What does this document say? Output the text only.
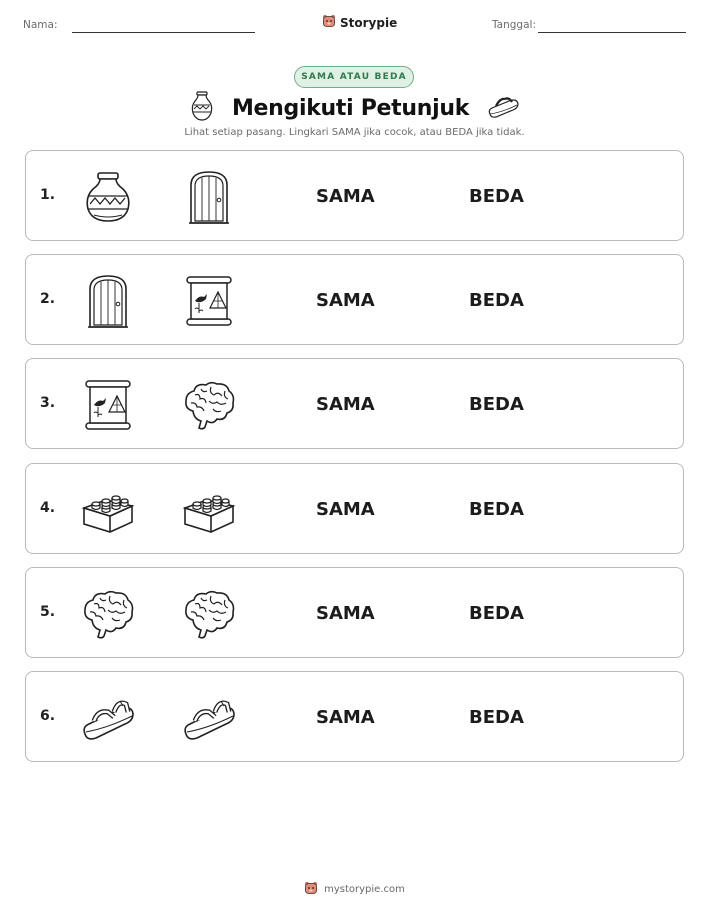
Nama:	Storypie	Tanggal:
SAMA ATAU BEDA
Mengikuti Petunjuk
Lihat setiap pasang. Lingkari SAMA jika cocok, atau BEDA jika tidak.
1.	SAMA	BEDA
2.	SAMA	BEDA
3.	SAMA	BEDA
4.	SAMA	BEDA
5.	SAMA	BEDA
6.	SAMA	BEDA
mystorypie.com
